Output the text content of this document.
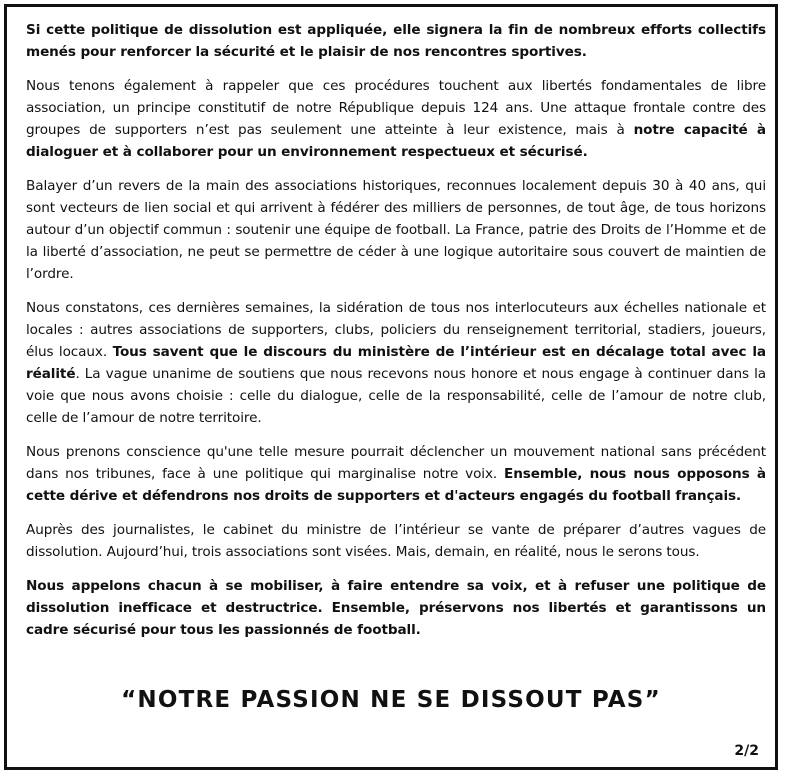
Si cette politique de dissolution est appliquée, elle signera la fin de nombreux efforts collectifs menés pour renforcer la sécurité et le plaisir de nos rencontres sportives.

Nous tenons également à rappeler que ces procédures touchent aux libertés fondamentales de libre association, un principe constitutif de notre République depuis 124 ans. Une attaque frontale contre des groupes de supporters n’est pas seulement une atteinte à leur existence, mais à notre capacité à dialoguer et à collaborer pour un environnement respectueux et sécurisé.

Balayer d’un revers de la main des associations historiques, reconnues localement depuis 30 à 40 ans, qui sont vecteurs de lien social et qui arrivent à fédérer des milliers de personnes, de tout âge, de tous horizons autour d’un objectif commun : soutenir une équipe de football. La France, patrie des Droits de l’Homme et de la liberté d’association, ne peut se permettre de céder à une logique autoritaire sous couvert de maintien de l’ordre.

Nous constatons, ces dernières semaines, la sidération de tous nos interlocuteurs aux échelles nationale et locales : autres associations de supporters, clubs, policiers du renseignement territorial, stadiers, joueurs, élus locaux. Tous savent que le discours du ministère de l’intérieur est en décalage total avec la réalité. La vague unanime de soutiens que nous recevons nous honore et nous engage à continuer dans la voie que nous avons choisie : celle du dialogue, celle de la responsabilité, celle de l’amour de notre club, celle de l’amour de notre territoire.

Nous prenons conscience qu'une telle mesure pourrait déclencher un mouvement national sans précédent dans nos tribunes, face à une politique qui marginalise notre voix. Ensemble, nous nous opposons à cette dérive et défendrons nos droits de supporters et d'acteurs engagés du football français.

Auprès des journalistes, le cabinet du ministre de l’intérieur se vante de préparer d’autres vagues de dissolution. Aujourd’hui, trois associations sont visées. Mais, demain, en réalité, nous le serons tous.

Nous appelons chacun à se mobiliser, à faire entendre sa voix, et à refuser une politique de dissolution inefficace et destructrice. Ensemble, préservons nos libertés et garantissons un cadre sécurisé pour tous les passionnés de football.

“NOTRE PASSION NE SE DISSOUT PAS”
2/2
